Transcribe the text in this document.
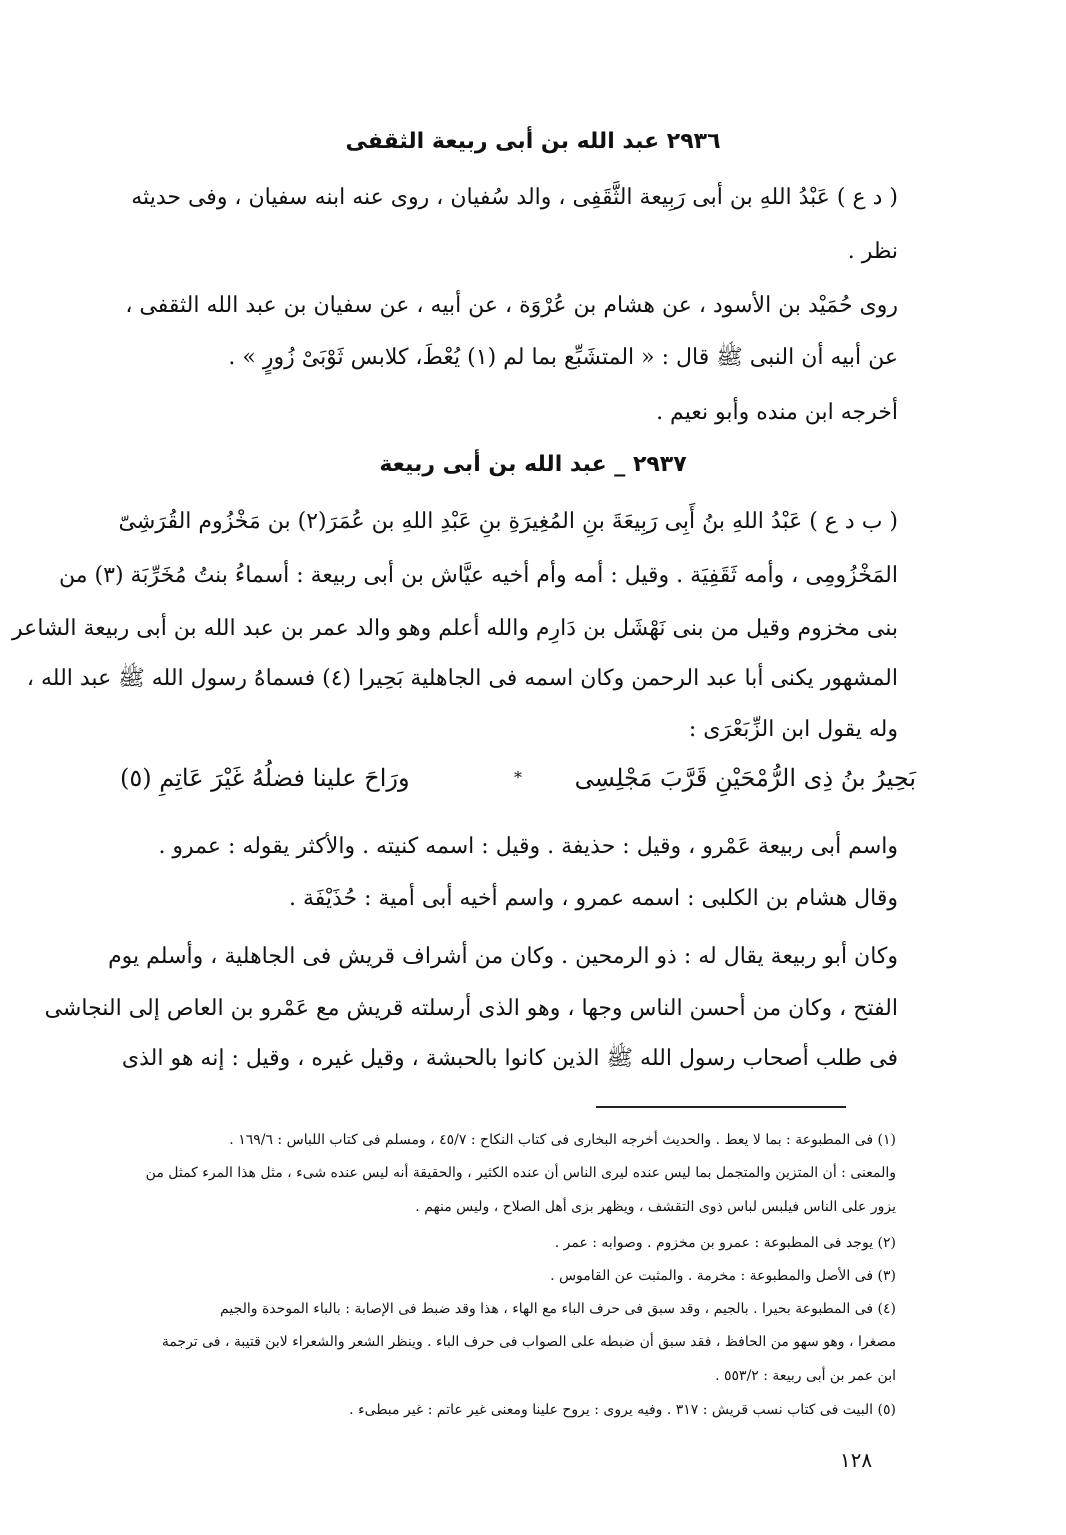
٢٩٣٦ عبد الله بن أبى ربيعة الثقفى
( د ع ) عَبْدُ اللهِ بن أبى رَبِيعة الثَّقَفِى ، والد سُفيان ، روى عنه ابنه سفيان ، وفى حديثه
نظر .
روى حُمَيْد بن الأسود ، عن هشام بن عُرْوَة ، عن أبيه ، عن سفيان بن عبد الله الثقفى ،
عن أبيه أن النبى ﷺ قال : « المتشَبِّع بما لم (١) يُعْطَ، كلابس ثَوْبَىْ زُورٍ » .
أخرجه ابن منده وأبو نعيم .
٢٩٣٧ _ عبد الله بن أبى ربيعة
( ب د ع ) عَبْدُ اللهِ بنُ أَبِى رَبِيعَةَ بنِ المُغِيرَةِ بنِ عَبْدِ اللهِ بن عُمَرَ(٢) بن مَخْزُوم القُرَشِىّ
المَخْزُومِى ، وأمه ثَقَفِيَة . وقيل : أمه وأم أخيه عيَّاش بن أبى ربيعة : أسماءُ بنتُ مُخَرِّبَة (٣) من
بنى مخزوم وقيل من بنى نَهْشَل بن دَارِم والله أعلم وهو والد عمر بن عبد الله بن أبى ربيعة الشاعر
المشهور يكنى أبا عبد الرحمن وكان اسمه فى الجاهلية بَحِيرا (٤) فسماهُ رسول الله ﷺ عبد الله ،
وله يقول ابن الزِّبَعْرَى :
بَحِيرُ بنُ ذِى الرُّمْحَيْنِ قَرَّبَ مَجْلِسِى
*
ورَاحَ علينا فضلُهُ غَيْرَ عَاتِمِ (٥)
واسم أبى ربيعة عَمْرو ، وقيل : حذيفة . وقيل : اسمه كنيته . والأكثر يقوله : عمرو .
وقال هشام بن الكلبى : اسمه عمرو ، واسم أخيه أبى أمية : حُذَيْفَة .
وكان أبو ربيعة يقال له : ذو الرمحين . وكان من أشراف قريش فى الجاهلية ، وأسلم يوم
الفتح ، وكان من أحسن الناس وجها ، وهو الذى أرسلته قريش مع عَمْرو بن العاص إلى النجاشى
فى طلب أصحاب رسول الله ﷺ الذين كانوا بالحبشة ، وقيل غيره ، وقيل : إنه هو الذى
(١) فى المطبوعة : بما لا يعط . والحديث أخرجه البخارى فى كتاب النكاح : ٤٥/٧ ، ومسلم فى كتاب اللباس : ١٦٩/٦ .
والمعنى : أن المتزين والمتجمل بما ليس عنده ليرى الناس أن عنده الكثير ، والحقيقة أنه ليس عنده شىء ، مثل هذا المرء كمثل من
يزور على الناس فيلبس لباس ذوى التقشف ، ويظهر بزى أهل الصلاح ، وليس منهم .
(٢) يوجد فى المطبوعة : عمرو بن مخزوم . وصوابه : عمر .
(٣) فى الأصل والمطبوعة : مخرمة . والمثبت عن القاموس .
(٤) فى المطبوعة بحيرا . بالجيم ، وقد سبق فى حرف الباء مع الهاء ، هذا وقد ضبط فى الإصابة : بالباء الموحدة والجيم
مصغرا ، وهو سهو من الحافظ ، فقد سبق أن ضبطه على الصواب فى حرف الباء . وينظر الشعر والشعراء لابن قتيبة ، فى ترجمة
ابن عمر بن أبى ربيعة : ٥٥٣/٢ .
(٥) البيت فى كتاب نسب قريش : ٣١٧ . وفيه يروى : يروح علينا ومعنى غير عاتم : غير مبطىء .
١٢٨
